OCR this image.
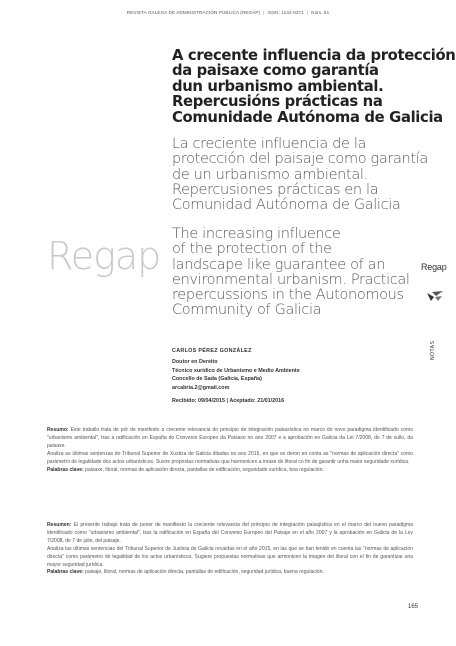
REVISTA GALEGA DE ADMINISTRACIÓN PÚBLICA (REGAP) | ISSN: 1132-8371 | Núm. 51
A crecente influencia da protección
da paisaxe como garantía
dun urbanismo ambiental.
Repercusións prácticas na
Comunidade Autónoma de Galicia
La creciente influencia de la
protección del paisaje como garantía
de un urbanismo ambiental.
Repercusiones prácticas en la
Comunidad Autónoma de Galicia
The increasing influence
of the protection of the
landscape like guarantee of an
environmental urbanism. Practical
repercussions in the Autonomous
Community of Galicia
Regap	Regap
NOTAS
CARLOS PÉREZ GONZÁLEZ
Doutor en Dereito
Técnico xurídico de Urbanismo e Medio Ambiente
Concello de Sada (Galicia, España)
arcabria.2@gmail.com
Recibido: 09/04/2015 | Aceptado: 21/01/2016

Resumo: Este traballo trata de pór de manifesto a crecente relevancia do principio de integración paisaxística no marco do novo paradigma identificado como "urbanismo ambiental", tras a ratificación en España do Convenio Europeo da Paisaxe no ano 2007 e a aprobación en Galicia da Lei 7/2008, do 7 de xullo, da paisaxe.
Analiza as últimas sentenzas do Tribunal Superior de Xustiza de Galicia ditadas no ano 2015, en que se deron en conta as "normas de aplicación directa" como parámetro de legalidade dos actos urbanísticos. Suxire propostas normativas que harmonicen a imaxe do litoral co fin de garantir unha maior seguridade xurídica.
Palabras clave: paisaxe, litoral, normas de aplicación directa, pantallas de edificación, seguridade xurídica, boa regulación.

Resumen: El presente trabajo trata de poner de manifiesto la creciente relevancia del principio de integración paisajística en el marco del nuevo paradigma identificado como "urbanismo ambiental", tras la ratificación en España del Convenio Europeo del Paisaje en el año 2007 y la aprobación en Galicia de la Ley 7/2008, de 7 de julio, del paisaje.
Analiza las últimas sentencias del Tribunal Superior de Justicia de Galicia recaídas en el año 2015, en las que se han tenido en cuenta las "normas de aplicación directa" como parámetro de legalidad de los actos urbanísticos. Sugiere propuestas normativas que armonicen la imagen del litoral con el fin de garantizar una mayor seguridad jurídica.
Palabras clave: paisaje, litoral, normas de aplicación directa, pantallas de edificación, seguridad jurídica, buena regulación.

165
